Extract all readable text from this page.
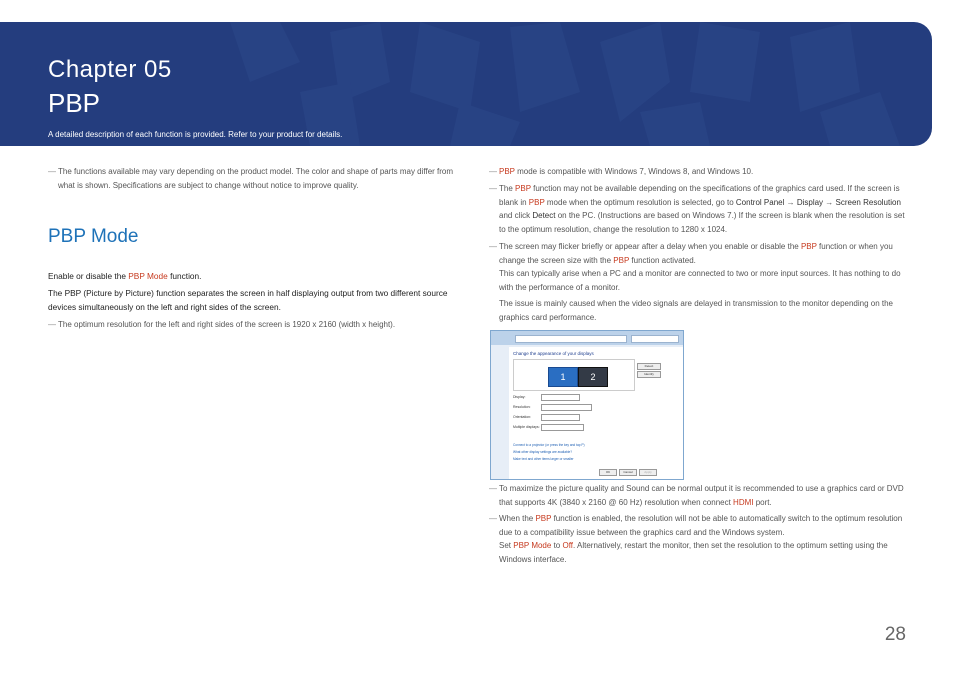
Chapter 05
PBP
A detailed description of each function is provided. Refer to your product for details.
— The functions available may vary depending on the product model. The color and shape of parts may differ from what is shown. Specifications are subject to change without notice to improve quality.
PBP Mode
Enable or disable the PBP Mode function.
The PBP (Picture by Picture) function separates the screen in half displaying output from two different source devices simultaneously on the left and right sides of the screen.
— The optimum resolution for the left and right sides of the screen is 1920 x 2160 (width x height).
— PBP mode is compatible with Windows 7, Windows 8, and Windows 10.
— The PBP function may not be available depending on the specifications of the graphics card used. If the screen is blank in PBP mode when the optimum resolution is selected, go to Control Panel → Display → Screen Resolution and click Detect on the PC. (Instructions are based on Windows 7.) If the screen is blank when the resolution is set to the optimum resolution, change the resolution to 1280 x 1024.
— The screen may flicker briefly or appear after a delay when you enable or disable the PBP function or when you change the screen size with the PBP function activated.
This can typically arise when a PC and a monitor are connected to two or more input sources. It has nothing to do with the performance of a monitor.
The issue is mainly caused when the video signals are delayed in transmission to the monitor depending on the graphics card performance.
Change the appearance of your displays
1	2
Detect
Identify
Display:
Resolution:
Orientation:
Multiple displays:
Connect to a projector (or press the key and tap P)
What other display settings are available?
Make text and other items larger or smaller
OK	Cancel	Apply
— To maximize the picture quality and Sound can be normal output it is recommended to use a graphics card or DVD that supports 4K (3840 x 2160 @ 60 Hz) resolution when connect HDMI port.
— When the PBP function is enabled, the resolution will not be able to automatically switch to the optimum resolution due to a compatibility issue between the graphics card and the Windows system.
Set PBP Mode to Off. Alternatively, restart the monitor, then set the resolution to the optimum setting using the Windows interface.
28
